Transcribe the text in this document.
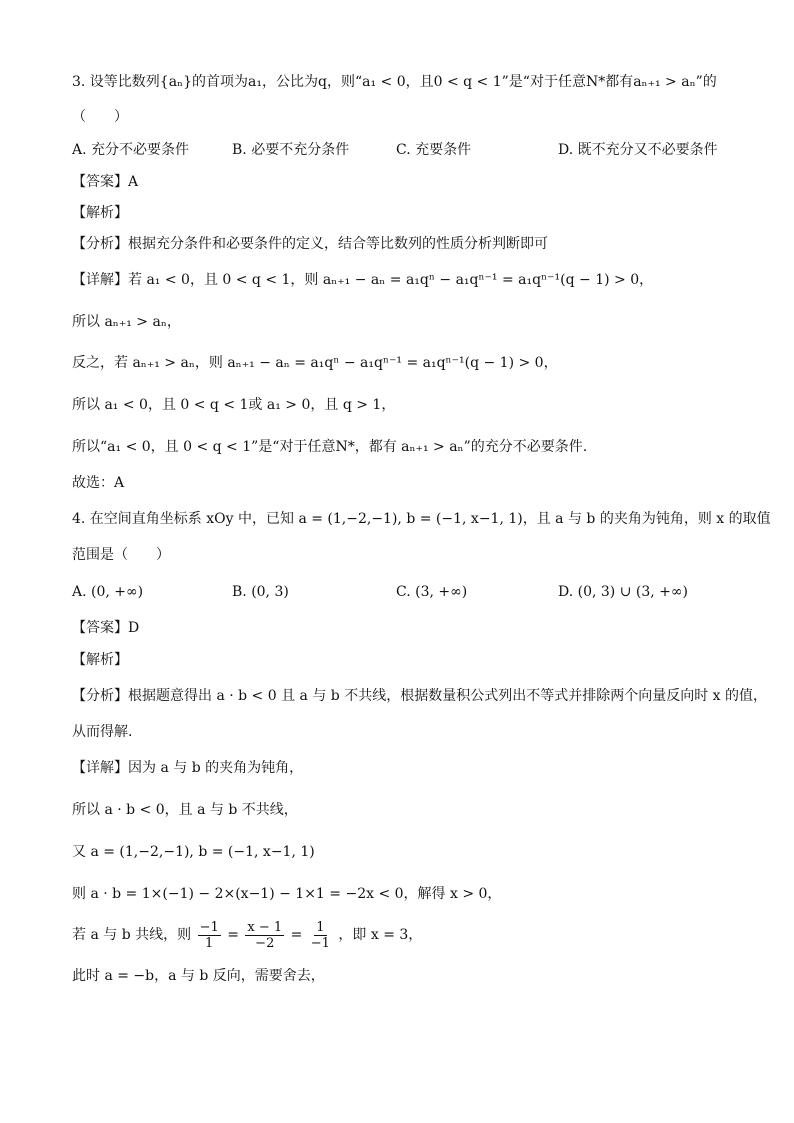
3. 设等比数列{aₙ}的首项为a₁，公比为q，则“a₁ < 0，且0 < q < 1”是“对于任意N*都有aₙ₊₁ > aₙ”的
（　　）
A. 充分不必要条件	B. 必要不充分条件	C. 充要条件	D. 既不充分又不必要条件
【答案】A
【解析】
【分析】根据充分条件和必要条件的定义，结合等比数列的性质分析判断即可
【详解】若 a₁ < 0，且 0 < q < 1，则 aₙ₊₁ − aₙ = a₁qⁿ − a₁qⁿ⁻¹ = a₁qⁿ⁻¹(q − 1) > 0，
所以 aₙ₊₁ > aₙ，
反之，若 aₙ₊₁ > aₙ，则 aₙ₊₁ − aₙ = a₁qⁿ − a₁qⁿ⁻¹ = a₁qⁿ⁻¹(q − 1) > 0，
所以 a₁ < 0，且 0 < q < 1或 a₁ > 0，且 q > 1，
所以“a₁ < 0，且 0 < q < 1”是“对于任意N*，都有 aₙ₊₁ > aₙ”的充分不必要条件.
故选：A
4. 在空间直角坐标系 xOy 中，已知 a = (1,−2,−1), b = (−1, x−1, 1)，且 a 与 b 的夹角为钝角，则 x 的取值
范围是（　　）
A. (0, +∞)	B. (0, 3)	C. (3, +∞)	D. (0, 3) ∪ (3, +∞)
【答案】D
【解析】
【分析】根据题意得出 a · b < 0 且 a 与 b 不共线，根据数量积公式列出不等式并排除两个向量反向时 x 的值，
从而得解.
【详解】因为 a 与 b 的夹角为钝角，
所以 a · b < 0，且 a 与 b 不共线，
又 a = (1,−2,−1), b = (−1, x−1, 1)
则 a · b = 1×(−1) − 2×(x−1) − 1×1 = −2x < 0，解得 x > 0，
若 a 与 b 共线，则 $\frac{-1}{1} = \frac{x - 1}{-2} = \frac{1}{-1}$ ，即 x = 3，
此时 a = −b，a 与 b 反向，需要舍去，
